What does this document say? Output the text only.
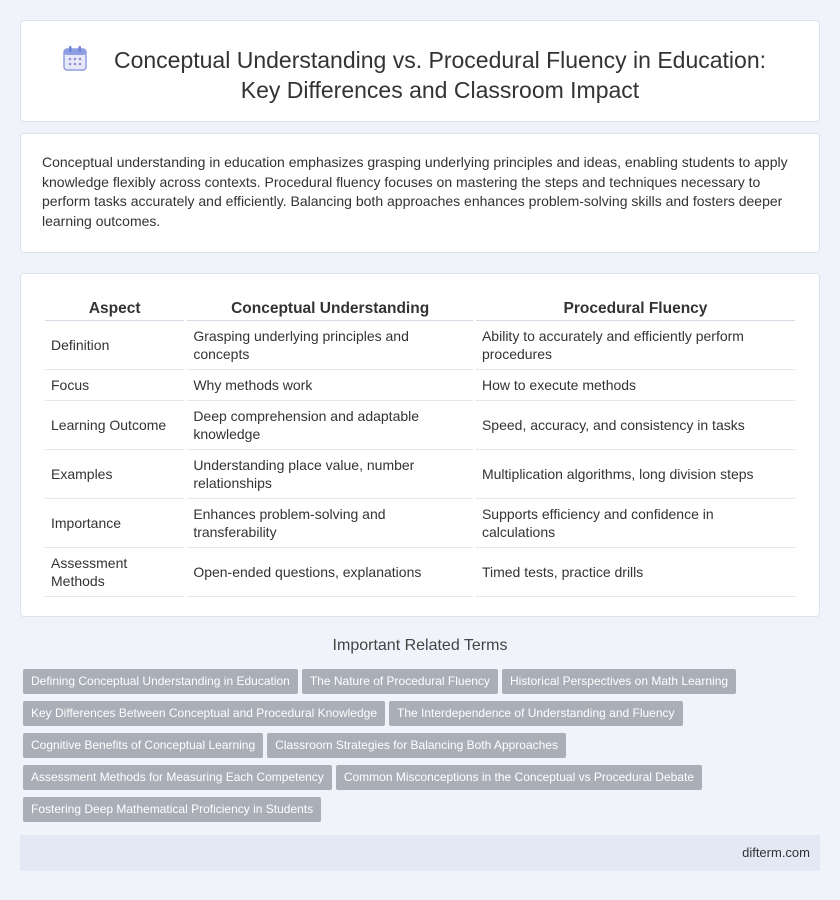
Conceptual Understanding vs. Procedural Fluency in Education: Key Differences and Classroom Impact

Conceptual understanding in education emphasizes grasping underlying principles and ideas, enabling students to apply knowledge flexibly across contexts. Procedural fluency focuses on mastering the steps and techniques necessary to perform tasks accurately and efficiently. Balancing both approaches enhances problem-solving skills and fosters deeper learning outcomes.

Aspect	Conceptual Understanding	Procedural Fluency
Definition	Grasping underlying principles and concepts	Ability to accurately and efficiently perform procedures
Focus	Why methods work	How to execute methods
Learning Outcome	Deep comprehension and adaptable knowledge	Speed, accuracy, and consistency in tasks
Examples	Understanding place value, number relationships	Multiplication algorithms, long division steps
Importance	Enhances problem-solving and transferability	Supports efficiency and confidence in calculations
Assessment Methods	Open-ended questions, explanations	Timed tests, practice drills
Important Related Terms
Defining Conceptual Understanding in Education The Nature of Procedural Fluency Historical Perspectives on Math Learning
Key Differences Between Conceptual and Procedural Knowledge The Interdependence of Understanding and Fluency
Cognitive Benefits of Conceptual Learning Classroom Strategies for Balancing Both Approaches
Assessment Methods for Measuring Each Competency Common Misconceptions in the Conceptual vs Procedural Debate
Fostering Deep Mathematical Proficiency in Students
difterm.com
